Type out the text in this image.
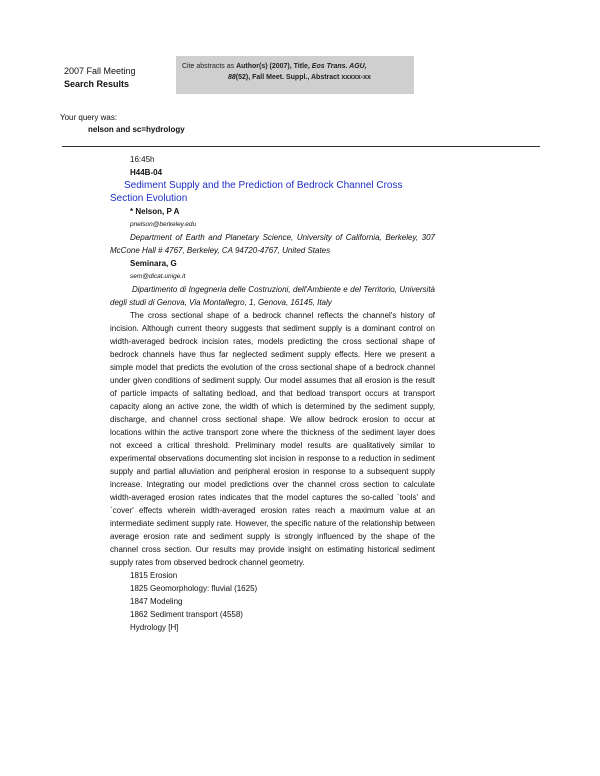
2007 Fall Meeting
Search Results
Cite abstracts as Author(s) (2007), Title, Eos Trans. AGU,
88(52), Fall Meet. Suppl., Abstract xxxxx-xx
Your query was:
nelson and sc=hydrology
16:45h
H44B-04
Sediment Supply and the Prediction of Bedrock Channel Cross Section Evolution
* Nelson, P A
pnelson@berkeley.edu
Department of Earth and Planetary Science, University of California, Berkeley, 307 McCone Hall # 4767, Berkeley, CA 94720-4767, United States
Seminara, G
sem@dicat.unige.it
Dipartimento di Ingegneria delle Costruzioni, dell'Ambiente e del Territorio, Università degli studi di Genova, Via Montallegro, 1, Genova, 16145, Italy
The cross sectional shape of a bedrock channel reflects the channel's history of incision. Although current theory suggests that sediment supply is a dominant control on width-averaged bedrock incision rates, models predicting the cross sectional shape of bedrock channels have thus far neglected sediment supply effects. Here we present a simple model that predicts the evolution of the cross sectional shape of a bedrock channel under given conditions of sediment supply. Our model assumes that all erosion is the result of particle impacts of saltating bedload, and that bedload transport occurs at transport capacity along an active zone, the width of which is determined by the sediment supply, discharge, and channel cross sectional shape. We allow bedrock erosion to occur at locations within the active transport zone where the thickness of the sediment layer does not exceed a critical threshold. Preliminary model results are qualitatively similar to experimental observations documenting slot incision in response to a reduction in sediment supply and partial alluviation and peripheral erosion in response to a subsequent supply increase. Integrating our model predictions over the channel cross section to calculate width-averaged erosion rates indicates that the model captures the so-called `tools' and `cover' effects wherein width-averaged erosion rates reach a maximum value at an intermediate sediment supply rate. However, the specific nature of the relationship between average erosion rate and sediment supply is strongly influenced by the shape of the channel cross section. Our results may provide insight on estimating historical sediment supply rates from observed bedrock channel geometry.
1815 Erosion
1825 Geomorphology: fluvial (1625)
1847 Modeling
1862 Sediment transport (4558)
Hydrology [H]
